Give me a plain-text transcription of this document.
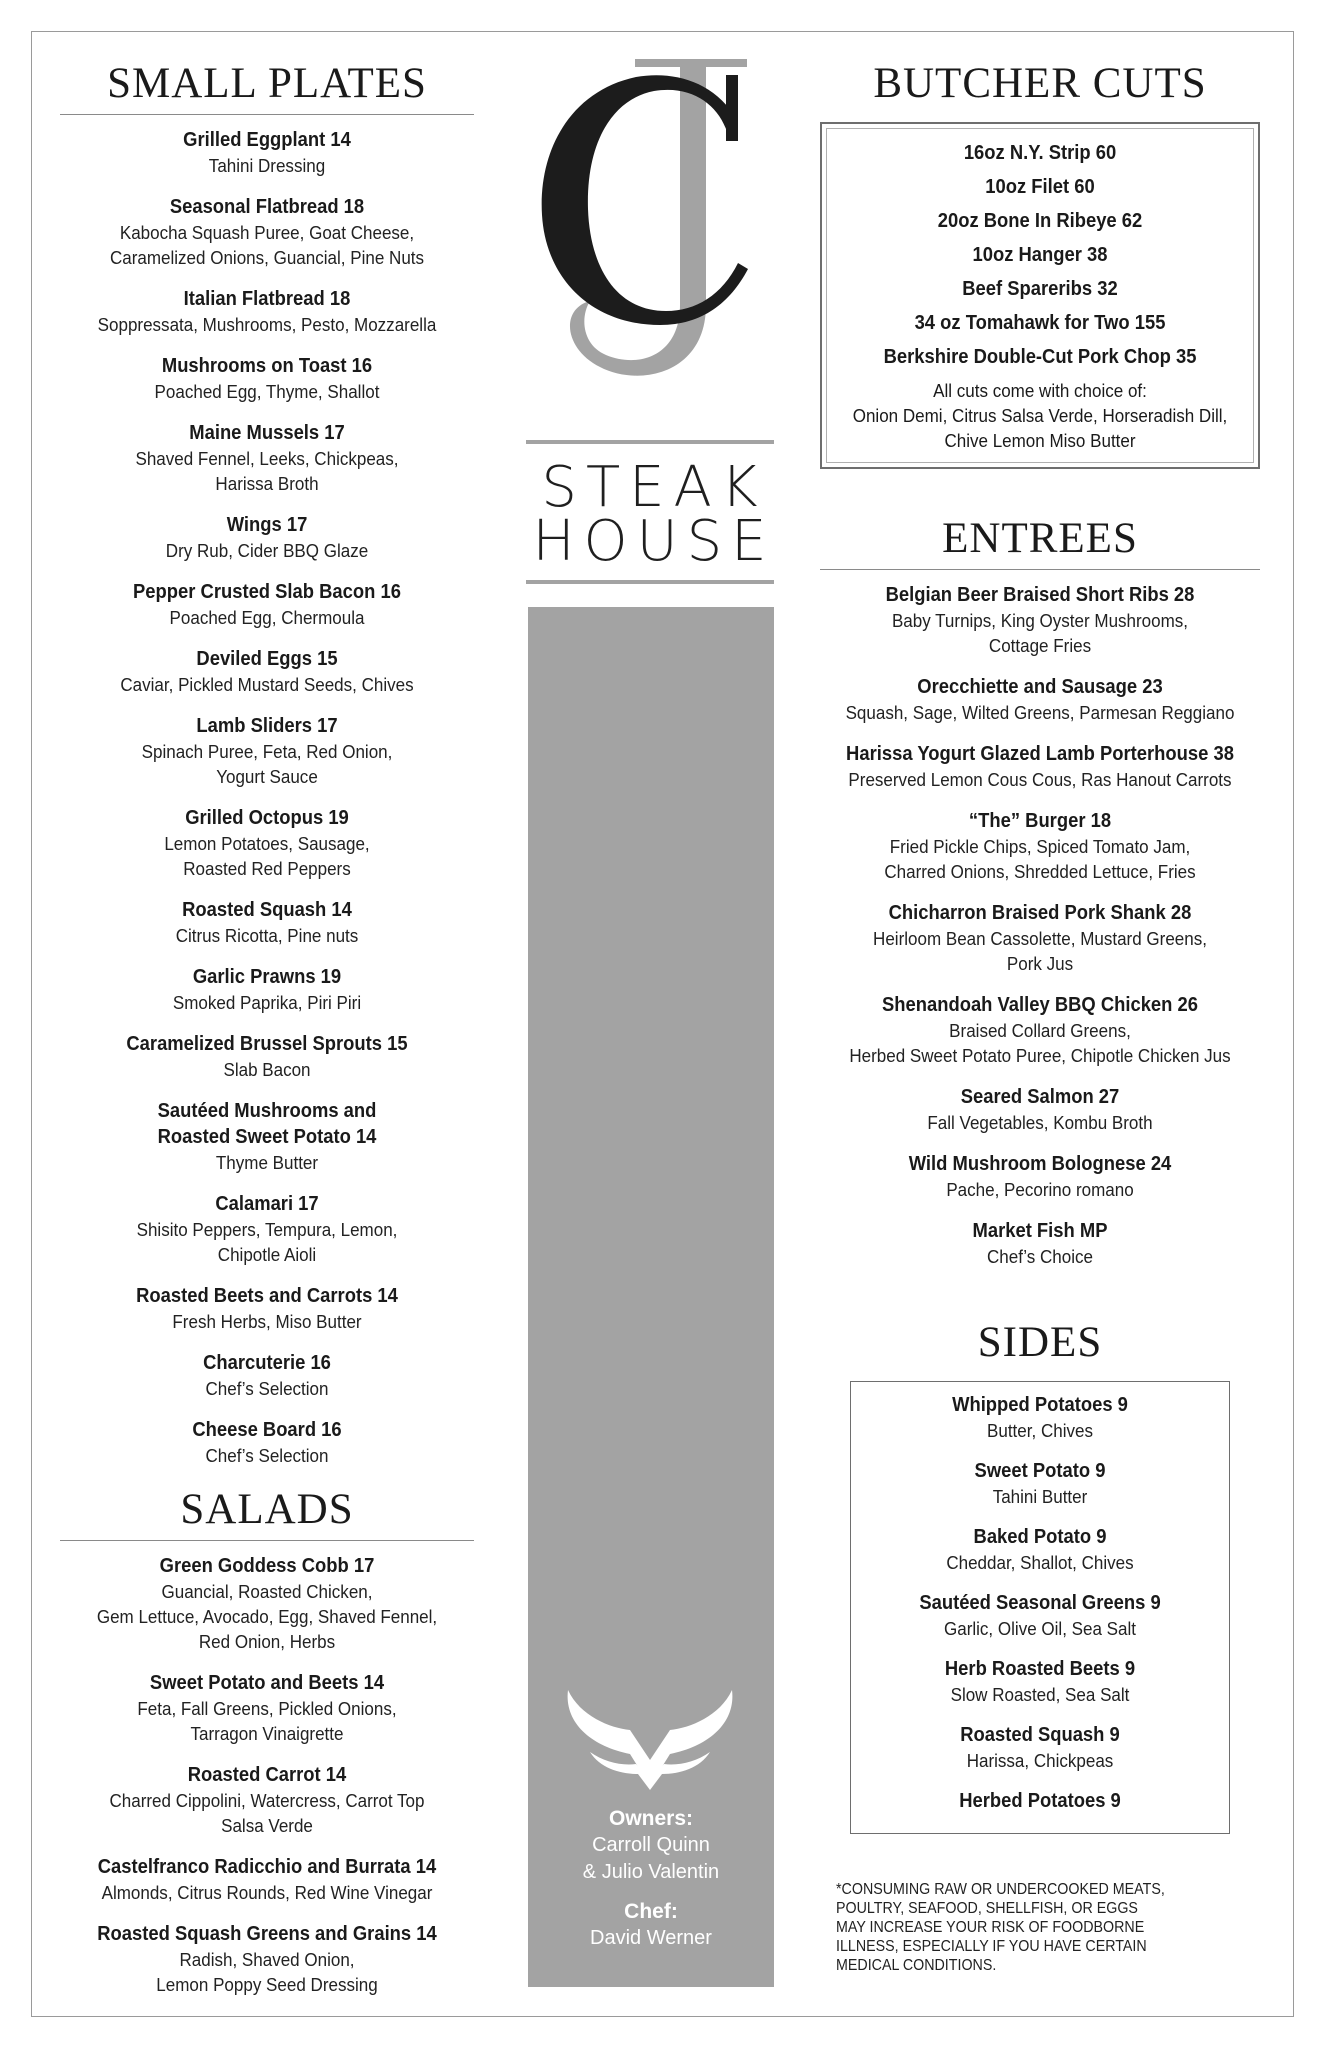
SMALL PLATES
Grilled Eggplant 14
Tahini Dressing
Seasonal Flatbread 18
Kabocha Squash Puree, Goat Cheese,
Caramelized Onions, Guancial, Pine Nuts
Italian Flatbread 18
Soppressata, Mushrooms, Pesto, Mozzarella
Mushrooms on Toast 16
Poached Egg, Thyme, Shallot
Maine Mussels 17
Shaved Fennel, Leeks, Chickpeas,
Harissa Broth
Wings 17
Dry Rub, Cider BBQ Glaze
Pepper Crusted Slab Bacon 16
Poached Egg, Chermoula
Deviled Eggs 15
Caviar, Pickled Mustard Seeds, Chives
Lamb Sliders 17
Spinach Puree, Feta, Red Onion,
Yogurt Sauce
Grilled Octopus 19
Lemon Potatoes, Sausage,
Roasted Red Peppers
Roasted Squash 14
Citrus Ricotta, Pine nuts
Garlic Prawns 19
Smoked Paprika, Piri Piri
Caramelized Brussel Sprouts 15
Slab Bacon
Sautéed Mushrooms and
Roasted Sweet Potato 14
Thyme Butter
Calamari 17
Shisito Peppers, Tempura, Lemon,
Chipotle Aioli
Roasted Beets and Carrots 14
Fresh Herbs, Miso Butter
Charcuterie 16
Chef’s Selection
Cheese Board 16
Chef’s Selection
SALADS
Green Goddess Cobb 17
Guancial, Roasted Chicken,
Gem Lettuce, Avocado, Egg, Shaved Fennel,
Red Onion, Herbs
Sweet Potato and Beets 14
Feta, Fall Greens, Pickled Onions,
Tarragon Vinaigrette
Roasted Carrot 14
Charred Cippolini, Watercress, Carrot Top
Salsa Verde
Castelfranco Radicchio and Burrata 14
Almonds, Citrus Rounds, Red Wine Vinegar
Roasted Squash Greens and Grains 14
Radish, Shaved Onion,
Lemon Poppy Seed Dressing
STEAK
HOUSE
Owners:
Carroll Quinn
& Julio Valentin
Chef:
David Werner
BUTCHER CUTS
16oz N.Y. Strip 60
10oz Filet 60
20oz Bone In Ribeye 62
10oz Hanger 38
Beef Spareribs 32
34 oz Tomahawk for Two 155
Berkshire Double-Cut Pork Chop 35
All cuts come with choice of:
Onion Demi, Citrus Salsa Verde, Horseradish Dill,
Chive Lemon Miso Butter
ENTREES
Belgian Beer Braised Short Ribs 28
Baby Turnips, King Oyster Mushrooms,
Cottage Fries
Orecchiette and Sausage 23
Squash, Sage, Wilted Greens, Parmesan Reggiano
Harissa Yogurt Glazed Lamb Porterhouse 38
Preserved Lemon Cous Cous, Ras Hanout Carrots
“The” Burger 18
Fried Pickle Chips, Spiced Tomato Jam,
Charred Onions, Shredded Lettuce, Fries
Chicharron Braised Pork Shank 28
Heirloom Bean Cassolette, Mustard Greens,
Pork Jus
Shenandoah Valley BBQ Chicken 26
Braised Collard Greens,
Herbed Sweet Potato Puree, Chipotle Chicken Jus
Seared Salmon 27
Fall Vegetables, Kombu Broth
Wild Mushroom Bolognese 24
Pache, Pecorino romano
Market Fish MP
Chef’s Choice
SIDES
Whipped Potatoes 9
Butter, Chives
Sweet Potato 9
Tahini Butter
Baked Potato 9
Cheddar, Shallot, Chives
Sautéed Seasonal Greens 9
Garlic, Olive Oil, Sea Salt
Herb Roasted Beets 9
Slow Roasted, Sea Salt
Roasted Squash 9
Harissa, Chickpeas
Herbed Potatoes 9
*CONSUMING RAW OR UNDERCOOKED MEATS,
POULTRY, SEAFOOD, SHELLFISH, OR EGGS
MAY INCREASE YOUR RISK OF FOODBORNE
ILLNESS, ESPECIALLY IF YOU HAVE CERTAIN
MEDICAL CONDITIONS.
